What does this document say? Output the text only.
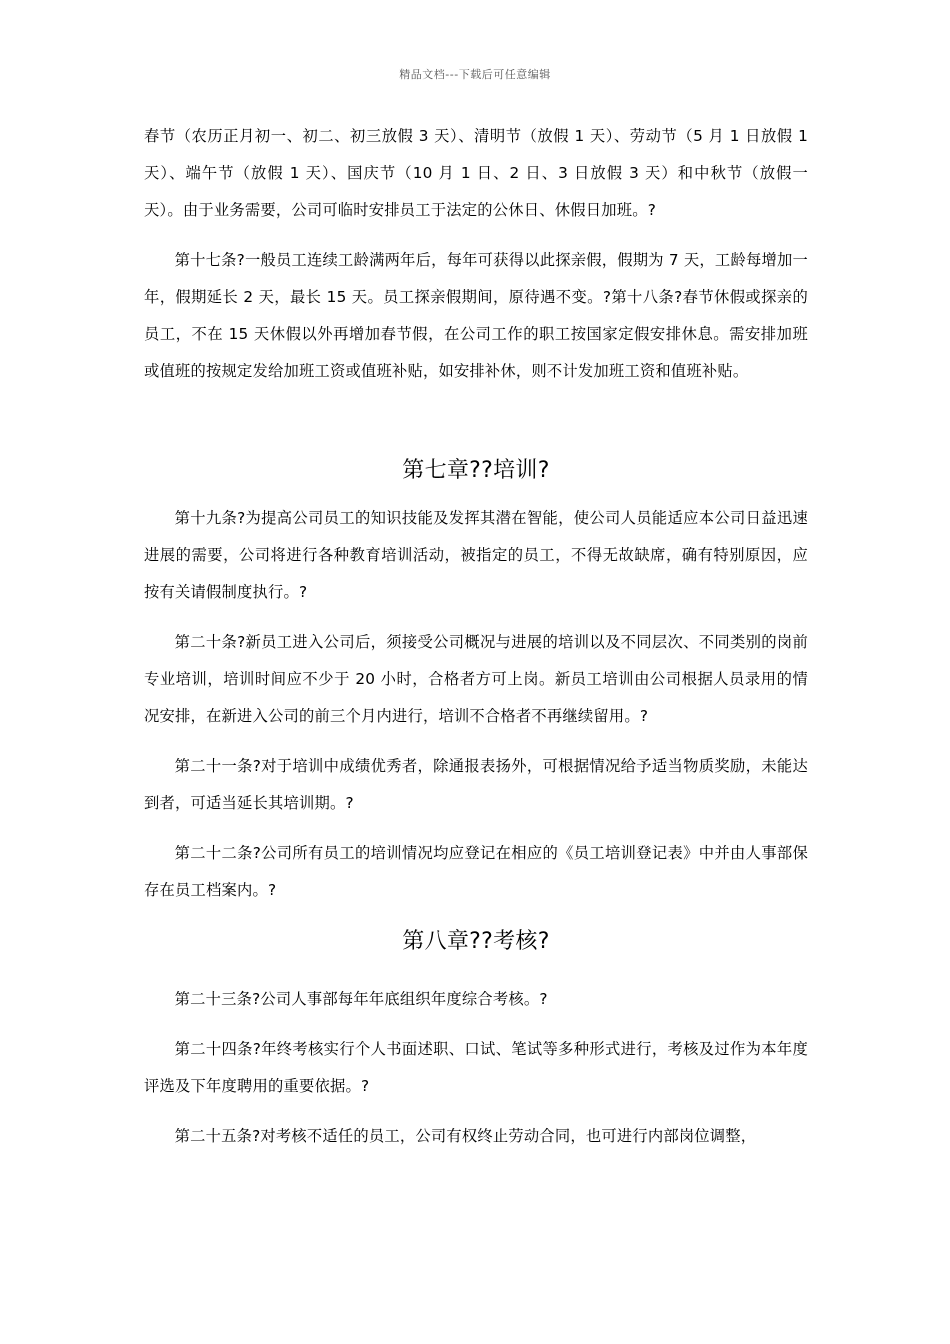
精品文档---下载后可任意编辑

春节（农历正月初一、初二、初三放假 3 天）、清明节（放假 1 天）、劳动节（5 月 1 日放假 1 天）、端午节（放假 1 天）、国庆节（10 月 1 日、2 日、3 日放假 3 天）和中秋节（放假一天）。由于业务需要，公司可临时安排员工于法定的公休日、休假日加班。?

第十七条?一般员工连续工龄满两年后，每年可获得以此探亲假，假期为 7 天，工龄每增加一年，假期延长 2 天，最长 15 天。员工探亲假期间，原待遇不变。?第十八条?春节休假或探亲的员工，不在 15 天休假以外再增加春节假，在公司工作的职工按国家定假安排休息。需安排加班或值班的按规定发给加班工资或值班补贴，如安排补休，则不计发加班工资和值班补贴。

第七章??培训?

第十九条?为提高公司员工的知识技能及发挥其潜在智能，使公司人员能适应本公司日益迅速进展的需要，公司将进行各种教育培训活动，被指定的员工，不得无故缺席，确有特别原因，应按有关请假制度执行。?

第二十条?新员工进入公司后，须接受公司概况与进展的培训以及不同层次、不同类别的岗前专业培训，培训时间应不少于 20 小时，合格者方可上岗。新员工培训由公司根据人员录用的情况安排，在新进入公司的前三个月内进行，培训不合格者不再继续留用。?

第二十一条?对于培训中成绩优秀者，除通报表扬外，可根据情况给予适当物质奖励，未能达到者，可适当延长其培训期。?

第二十二条?公司所有员工的培训情况均应登记在相应的《员工培训登记表》中并由人事部保存在员工档案内。?

第八章??考核?

第二十三条?公司人事部每年年底组织年度综合考核。?

第二十四条?年终考核实行个人书面述职、口试、笔试等多种形式进行，考核及过作为本年度评选及下年度聘用的重要依据。?

第二十五条?对考核不适任的员工，公司有权终止劳动合同，也可进行内部岗位调整，
